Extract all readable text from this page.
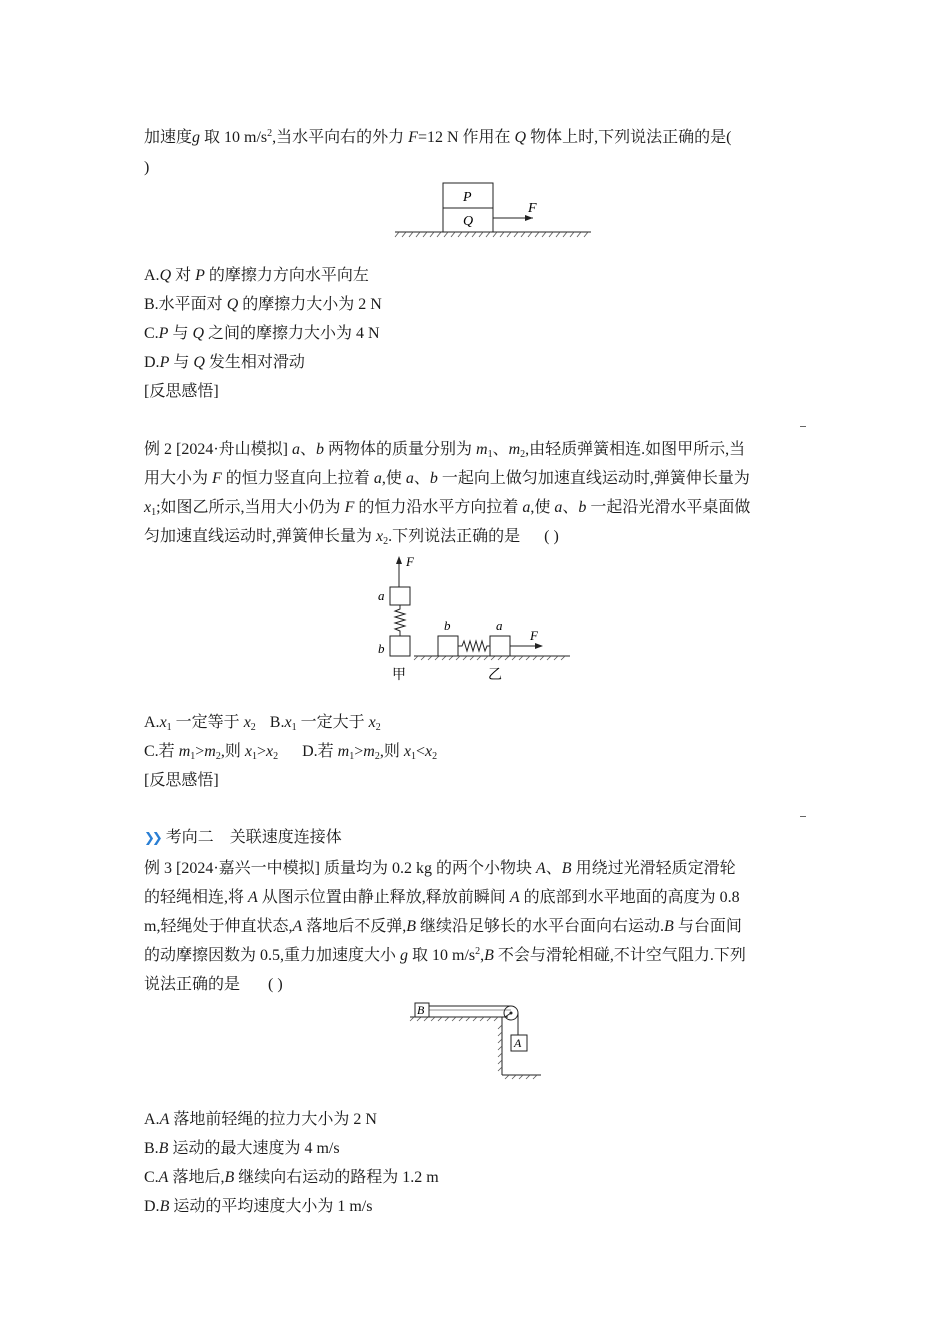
加速度g 取 10 $m/s^2$,当水平向右的外力 F=12 N 作用在 Q 物体上时,下列说法正确的是(
)
P
Q
F
A.Q 对 P 的摩擦力方向水平向左
B.水平面对 Q 的摩擦力大小为 2 N
C.P 与 Q 之间的摩擦力大小为 4 N
D.P 与 Q 发生相对滑动
[反思感悟]
例 2 [2024·舟山模拟] a、b 两物体的质量分别为 $m_1$、$m_2$,由轻质弹簧相连.如图甲所示,当
用大小为 F 的恒力竖直向上拉着 a,使 a、b 一起向上做匀加速直线运动时,弹簧伸长量为
$x_1$;如图乙所示,当用大小仍为 F 的恒力沿水平方向拉着 a,使 a、b 一起沿光滑水平桌面做
匀加速直线运动时,弹簧伸长量为 $x_2$.下列说法正确的是 ( )
F
a
b
甲
b	a
F
乙
$A.x_1$ 一定等于 $x_2$ $B.x_1$ 一定大于 $x_2$
C.若 $m_1>m_2$,则 $x_1>x_2$ D.若 $m_1>m_2$,则 $x_1<x_2$
[反思感悟]
❯❯ 考向二　关联速度连接体
例 3 [2024·嘉兴一中模拟] 质量均为 0.2 kg 的两个小物块 A、B 用绕过光滑轻质定滑轮
的轻绳相连,将 A 从图示位置由静止释放,释放前瞬间 A 的底部到水平地面的高度为 0.8
m,轻绳处于伸直状态,A 落地后不反弹,B 继续沿足够长的水平台面向右运动.B 与台面间
的动摩擦因数为 0.5,重力加速度大小 g 取 10 $m/s^2,B$ 不会与滑轮相碰,不计空气阻力.下列
说法正确的是 ( )
B
A
A.A 落地前轻绳的拉力大小为 2 N
B.B 运动的最大速度为 4 m/s
C.A 落地后,B 继续向右运动的路程为 1.2 m
D.B 运动的平均速度大小为 1 m/s
